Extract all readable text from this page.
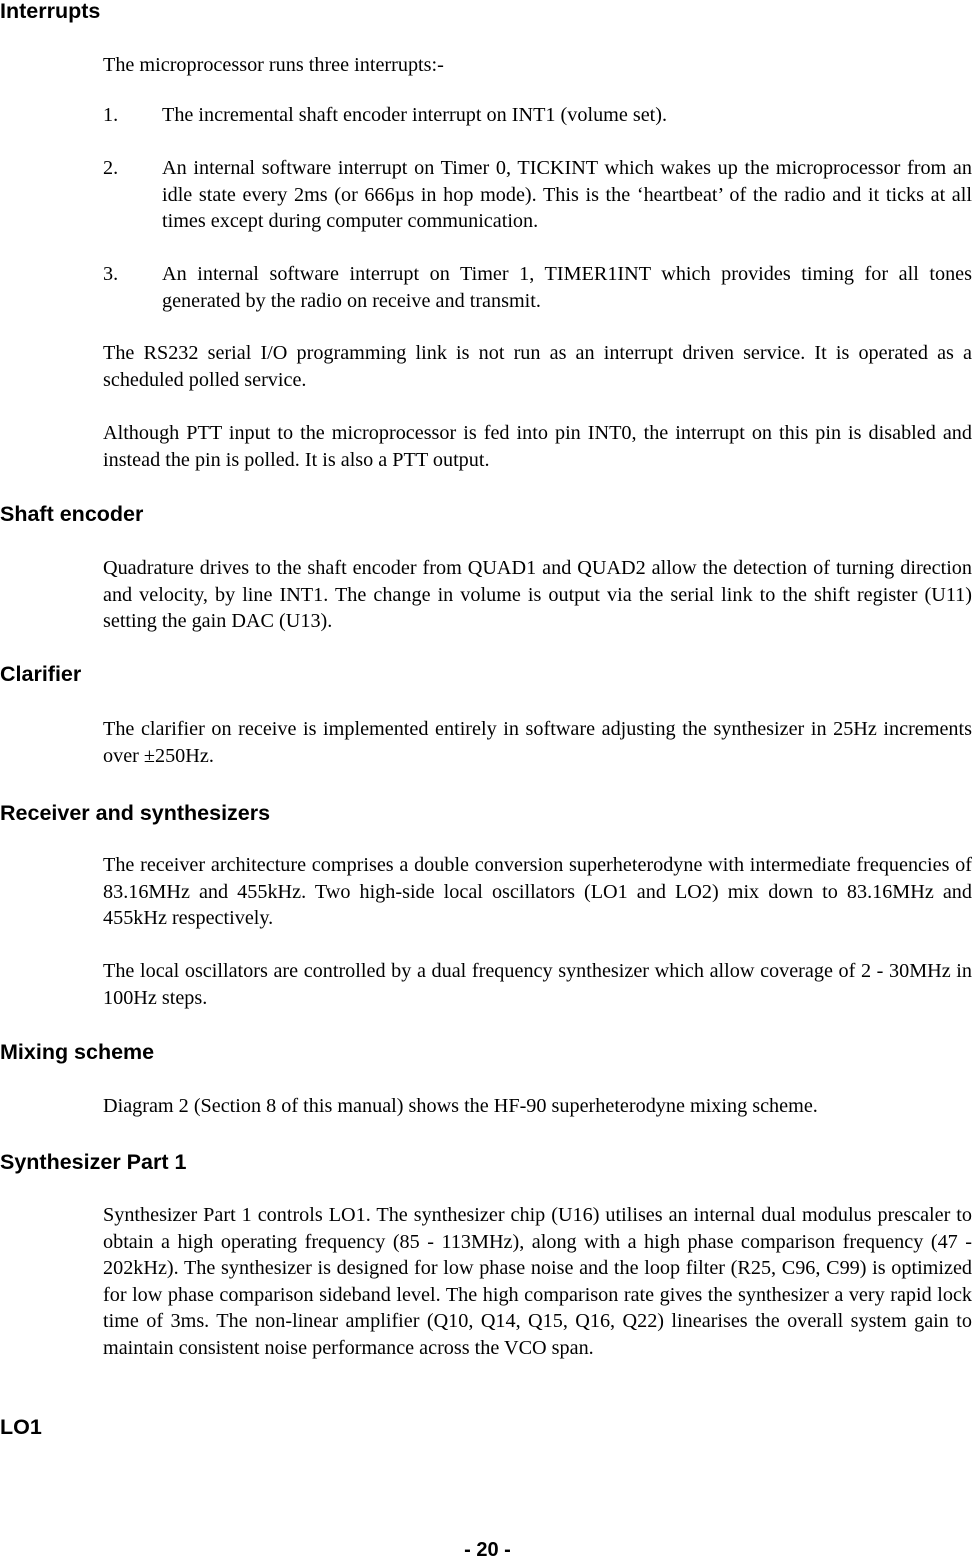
Interrupts

The microprocessor runs three interrupts:-

1. The incremental shaft encoder interrupt on INT1 (volume set).

2. An internal software interrupt on Timer 0, TICKINT which wakes up the microprocessor from an idle state every 2ms (or 666µs in hop mode). This is the ‘heartbeat’ of the radio and it ticks at all times except during computer communication.

3. An internal software interrupt on Timer 1, TIMER1INT which provides timing for all tones generated by the radio on receive and transmit.

The RS232 serial I/O programming link is not run as an interrupt driven service. It is operated as a scheduled polled service.

Although PTT input to the microprocessor is fed into pin INT0, the interrupt on this pin is disabled and instead the pin is polled. It is also a PTT output.

Shaft encoder

Quadrature drives to the shaft encoder from QUAD1 and QUAD2 allow the detection of turning direction and velocity, by line INT1. The change in volume is output via the serial link to the shift register (U11) setting the gain DAC (U13).

Clarifier

The clarifier on receive is implemented entirely in software adjusting the synthesizer in 25Hz increments over ±250Hz.

Receiver and synthesizers

The receiver architecture comprises a double conversion superheterodyne with intermediate frequencies of 83.16MHz and 455kHz. Two high-side local oscillators (LO1 and LO2) mix down to 83.16MHz and 455kHz respectively.

The local oscillators are controlled by a dual frequency synthesizer which allow coverage of 2 - 30MHz in 100Hz steps.

Mixing scheme

Diagram 2 (Section 8 of this manual) shows the HF-90 superheterodyne mixing scheme.

Synthesizer Part 1

Synthesizer Part 1 controls LO1. The synthesizer chip (U16) utilises an internal dual modulus prescaler to obtain a high operating frequency (85 - 113MHz), along with a high phase comparison frequency (47 - 202kHz). The synthesizer is designed for low phase noise and the loop filter (R25, C96, C99) is optimized for low phase comparison sideband level. The high comparison rate gives the synthesizer a very rapid lock time of 3ms. The non-linear amplifier (Q10, Q14, Q15, Q16, Q22) linearises the overall system gain to maintain consistent noise performance across the VCO span.

LO1

- 20 -
